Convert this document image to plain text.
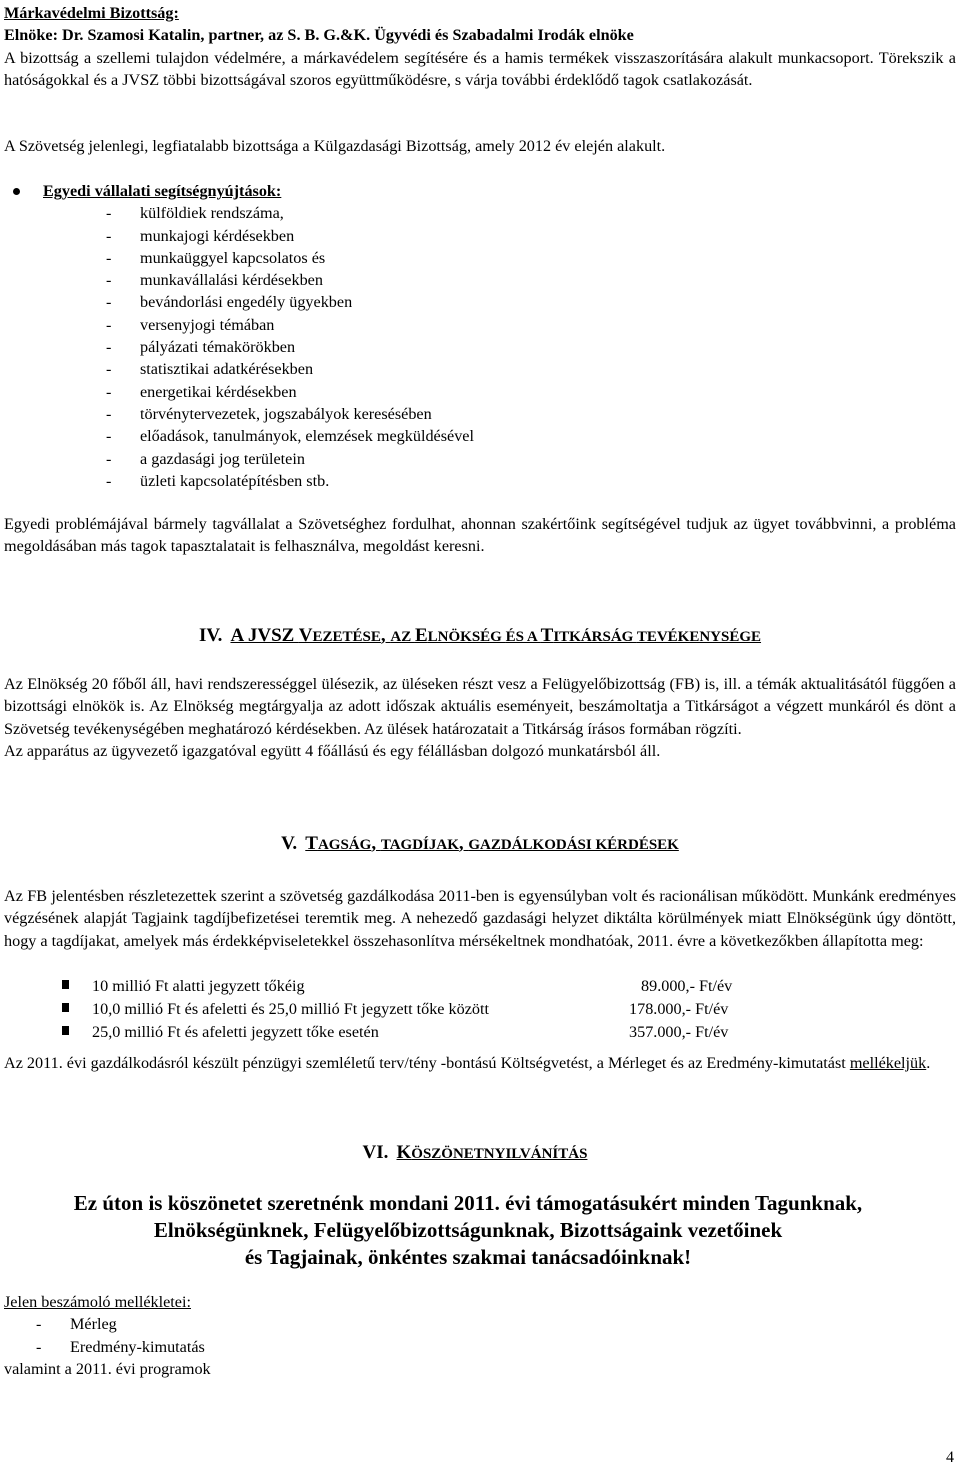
Márkavédelmi Bizottság:

Elnöke: Dr. Szamosi Katalin, partner, az S. B. G.&K. Ügyvédi és Szabadalmi Irodák elnöke

A bizottság a szellemi tulajdon védelmére, a márkavédelem segítésére és a hamis termékek visszaszorítására alakult munkacsoport. Törekszik a hatóságokkal és a JVSZ többi bizottságával szoros együttműködésre, s várja további érdeklődő tagok csatlakozását.

A Szövetség jelenlegi, legfiatalabb bizottsága a Külgazdasági Bizottság, amely 2012 év elején alakult.

Egyedi vállalati segítségnyújtások:

- külföldiek rendszáma,
- munkajogi kérdésekben
- munkaüggyel kapcsolatos és
- munkavállalási kérdésekben
- bevándorlási engedély ügyekben
- versenyjogi témában
- pályázati témakörökben
- statisztikai adatkérésekben
- energetikai kérdésekben
- törvénytervezetek, jogszabályok keresésében
- előadások, tanulmányok, elemzések megküldésével
- a gazdasági jog területein
- üzleti kapcsolatépítésben stb.

Egyedi problémájával bármely tagvállalat a Szövetséghez fordulhat, ahonnan szakértőink segítségével tudjuk az ügyet továbbvinni, a probléma megoldásában más tagok tapasztalatait is felhasználva, megoldást keresni.

IV. A JVSZ VEZETÉSE, AZ ELNÖKSÉG ÉS A TITKÁRSÁG TEVÉKENYSÉGE

Az Elnökség 20 főből áll, havi rendszerességgel ülésezik, az üléseken részt vesz a Felügyelőbizottság (FB) is, ill. a témák aktualitásától függően a bizottsági elnökök is. Az Elnökség megtárgyalja az adott időszak aktuális eseményeit, beszámoltatja a Titkárságot a végzett munkáról és dönt a Szövetség tevékenységében meghatározó kérdésekben. Az ülések határozatait a Titkárság írásos formában rögzíti.

Az apparátus az ügyvezető igazgatóval együtt 4 főállású és egy félállásban dolgozó munkatársból áll.

V. TAGSÁG, TAGDÍJAK, GAZDÁLKODÁSI KÉRDÉSEK

Az FB jelentésben részletezettek szerint a szövetség gazdálkodása 2011-ben is egyensúlyban volt és racionálisan működött. Munkánk eredményes végzésének alapját Tagjaink tagdíjbefizetései teremtik meg. A nehezedő gazdasági helyzet diktálta körülmények miatt Elnökségünk úgy döntött, hogy a tagdíjakat, amelyek más érdekképviseletekkel összehasonlítva mérsékeltnek mondhatóak, 2011. évre a következőkben állapította meg:

10 millió Ft alatti jegyzett tőkéig	89.000,- Ft/év
10,0 millió Ft és afeletti és 25,0 millió Ft jegyzett tőke között	178.000,- Ft/év
25,0 millió Ft és afeletti jegyzett tőke esetén	357.000,- Ft/év

Az 2011. évi gazdálkodásról készült pénzügyi szemléletű terv/tény -bontású Költségvetést, a Mérleget és az Eredmény-kimutatást mellékeljük.

VI. KÖSZÖNETNYILVÁNÍTÁS

Ez úton is köszönetet szeretnénk mondani 2011. évi támogatásukért minden Tagunknak,

Elnökségünknek, Felügyelőbizottságunknak, Bizottságaink vezetőinek

és Tagjainak, önkéntes szakmai tanácsadóinknak!

Jelen beszámoló mellékletei:

- Mérleg
- Eredmény-kimutatás

valamint a 2011. évi programok

4
